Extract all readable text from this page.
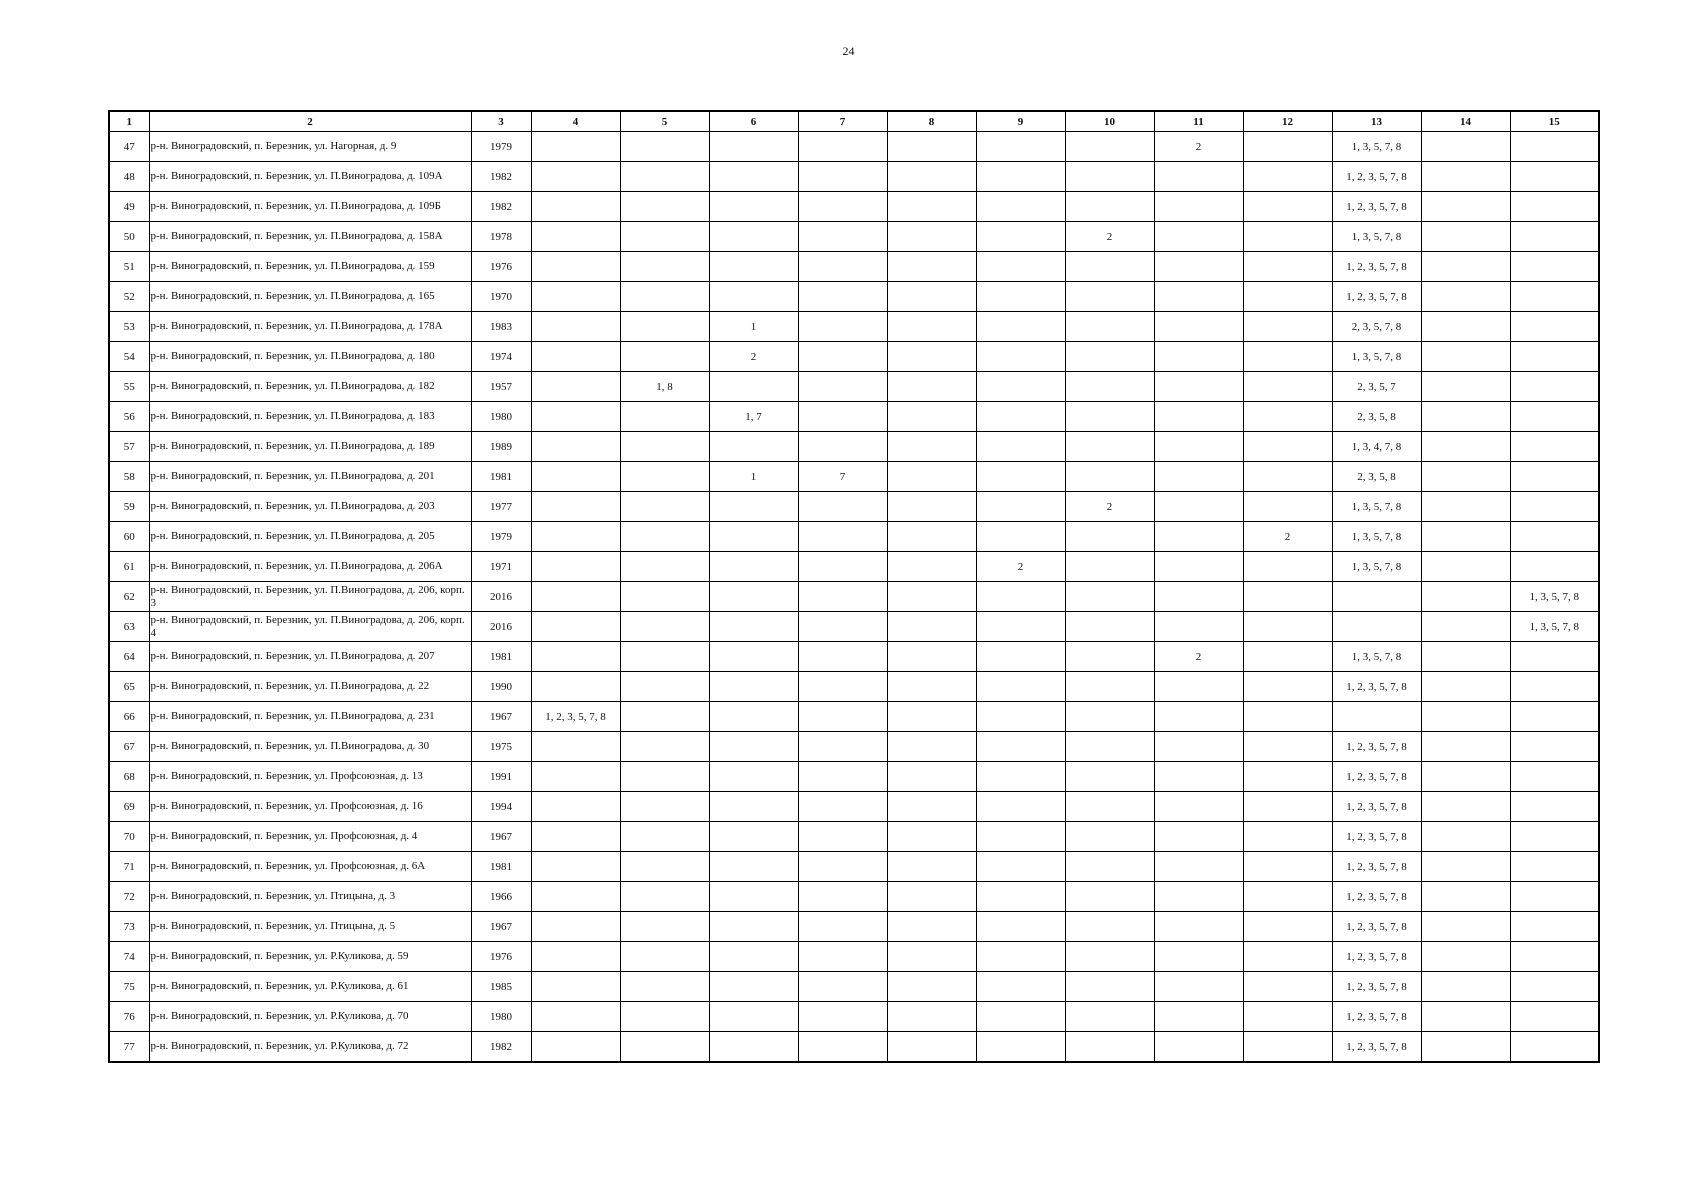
24
1	2	3	4	5	6	7	8	9	10	11	12	13	14	15
47	р-н. Виноградовский, п. Березник, ул. Нагорная, д. 9	1979								2		1, 3, 5, 7, 8		
48	р-н. Виноградовский, п. Березник, ул. П.Виноградова, д. 109А	1982										1, 2, 3, 5, 7, 8		
49	р-н. Виноградовский, п. Березник, ул. П.Виноградова, д. 109Б	1982										1, 2, 3, 5, 7, 8		
50	р-н. Виноградовский, п. Березник, ул. П.Виноградова, д. 158А	1978							2			1, 3, 5, 7, 8		
51	р-н. Виноградовский, п. Березник, ул. П.Виноградова, д. 159	1976										1, 2, 3, 5, 7, 8		
52	р-н. Виноградовский, п. Березник, ул. П.Виноградова, д. 165	1970										1, 2, 3, 5, 7, 8		
53	р-н. Виноградовский, п. Березник, ул. П.Виноградова, д. 178А	1983			1							2, 3, 5, 7, 8		
54	р-н. Виноградовский, п. Березник, ул. П.Виноградова, д. 180	1974			2							1, 3, 5, 7, 8		
55	р-н. Виноградовский, п. Березник, ул. П.Виноградова, д. 182	1957		1, 8								2, 3, 5, 7		
56	р-н. Виноградовский, п. Березник, ул. П.Виноградова, д. 183	1980			1, 7							2, 3, 5, 8		
57	р-н. Виноградовский, п. Березник, ул. П.Виноградова, д. 189	1989										1, 3, 4, 7, 8		
58	р-н. Виноградовский, п. Березник, ул. П.Виноградова, д. 201	1981			1	7						2, 3, 5, 8		
59	р-н. Виноградовский, п. Березник, ул. П.Виноградова, д. 203	1977							2			1, 3, 5, 7, 8		
60	р-н. Виноградовский, п. Березник, ул. П.Виноградова, д. 205	1979									2	1, 3, 5, 7, 8		
61	р-н. Виноградовский, п. Березник, ул. П.Виноградова, д. 206А	1971						2				1, 3, 5, 7, 8		
62	р-н. Виноградовский, п. Березник, ул. П.Виноградова, д. 206, корп. 3	2016												1, 3, 5, 7, 8
63	р-н. Виноградовский, п. Березник, ул. П.Виноградова, д. 206, корп. 4	2016												1, 3, 5, 7, 8
64	р-н. Виноградовский, п. Березник, ул. П.Виноградова, д. 207	1981								2		1, 3, 5, 7, 8		
65	р-н. Виноградовский, п. Березник, ул. П.Виноградова, д. 22	1990										1, 2, 3, 5, 7, 8		
66	р-н. Виноградовский, п. Березник, ул. П.Виноградова, д. 231	1967	1, 2, 3, 5, 7, 8											
67	р-н. Виноградовский, п. Березник, ул. П.Виноградова, д. 30	1975										1, 2, 3, 5, 7, 8		
68	р-н. Виноградовский, п. Березник, ул. Профсоюзная, д. 13	1991										1, 2, 3, 5, 7, 8		
69	р-н. Виноградовский, п. Березник, ул. Профсоюзная, д. 16	1994										1, 2, 3, 5, 7, 8		
70	р-н. Виноградовский, п. Березник, ул. Профсоюзная, д. 4	1967										1, 2, 3, 5, 7, 8		
71	р-н. Виноградовский, п. Березник, ул. Профсоюзная, д. 6А	1981										1, 2, 3, 5, 7, 8		
72	р-н. Виноградовский, п. Березник, ул. Птицына, д. 3	1966										1, 2, 3, 5, 7, 8		
73	р-н. Виноградовский, п. Березник, ул. Птицына, д. 5	1967										1, 2, 3, 5, 7, 8		
74	р-н. Виноградовский, п. Березник, ул. Р.Куликова, д. 59	1976										1, 2, 3, 5, 7, 8		
75	р-н. Виноградовский, п. Березник, ул. Р.Куликова, д. 61	1985										1, 2, 3, 5, 7, 8		
76	р-н. Виноградовский, п. Березник, ул. Р.Куликова, д. 70	1980										1, 2, 3, 5, 7, 8		
77	р-н. Виноградовский, п. Березник, ул. Р.Куликова, д. 72	1982										1, 2, 3, 5, 7, 8		
